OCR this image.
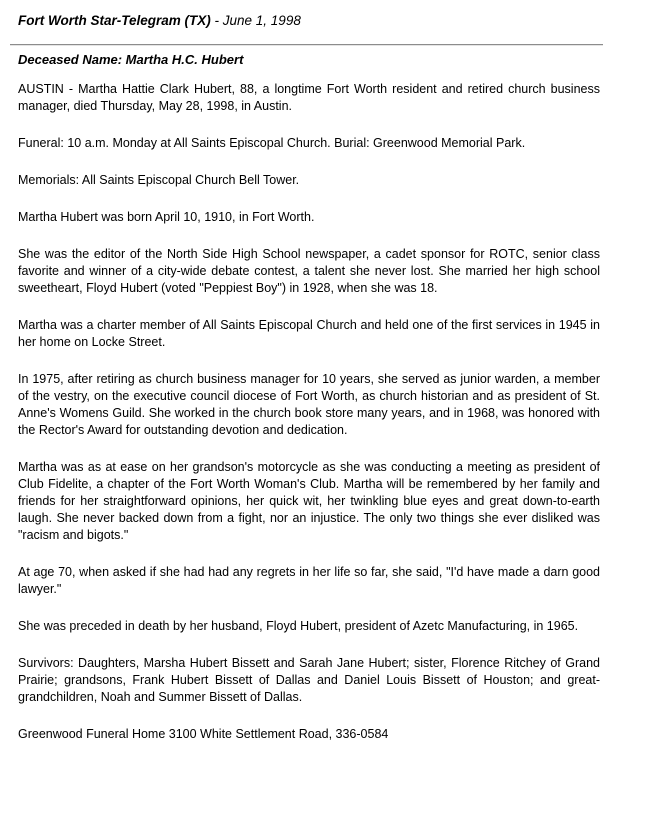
Fort Worth Star-Telegram (TX) - June 1, 1998
Deceased Name: Martha H.C. Hubert

AUSTIN - Martha Hattie Clark Hubert, 88, a longtime Fort Worth resident and retired church business manager, died Thursday, May 28, 1998, in Austin.

Funeral: 10 a.m. Monday at All Saints Episcopal Church. Burial: Greenwood Memorial Park.

Memorials: All Saints Episcopal Church Bell Tower.

Martha Hubert was born April 10, 1910, in Fort Worth.

She was the editor of the North Side High School newspaper, a cadet sponsor for ROTC, senior class favorite and winner of a city-wide debate contest, a talent she never lost. She married her high school sweetheart, Floyd Hubert (voted "Peppiest Boy") in 1928, when she was 18.

Martha was a charter member of All Saints Episcopal Church and held one of the first services in 1945 in her home on Locke Street.

In 1975, after retiring as church business manager for 10 years, she served as junior warden, a member of the vestry, on the executive council diocese of Fort Worth, as church historian and as president of St. Anne's Womens Guild. She worked in the church book store many years, and in 1968, was honored with the Rector's Award for outstanding devotion and dedication.

Martha was as at ease on her grandson's motorcycle as she was conducting a meeting as president of Club Fidelite, a chapter of the Fort Worth Woman's Club. Martha will be remembered by her family and friends for her straightforward opinions, her quick wit, her twinkling blue eyes and great down-to-earth laugh. She never backed down from a fight, nor an injustice. The only two things she ever disliked was "racism and bigots."

At age 70, when asked if she had had any regrets in her life so far, she said, "I'd have made a darn good lawyer."

She was preceded in death by her husband, Floyd Hubert, president of Azetc Manufacturing, in 1965.

Survivors: Daughters, Marsha Hubert Bissett and Sarah Jane Hubert; sister, Florence Ritchey of Grand Prairie; grandsons, Frank Hubert Bissett of Dallas and Daniel Louis Bissett of Houston; and great-grandchildren, Noah and Summer Bissett of Dallas.

Greenwood Funeral Home 3100 White Settlement Road, 336-0584
